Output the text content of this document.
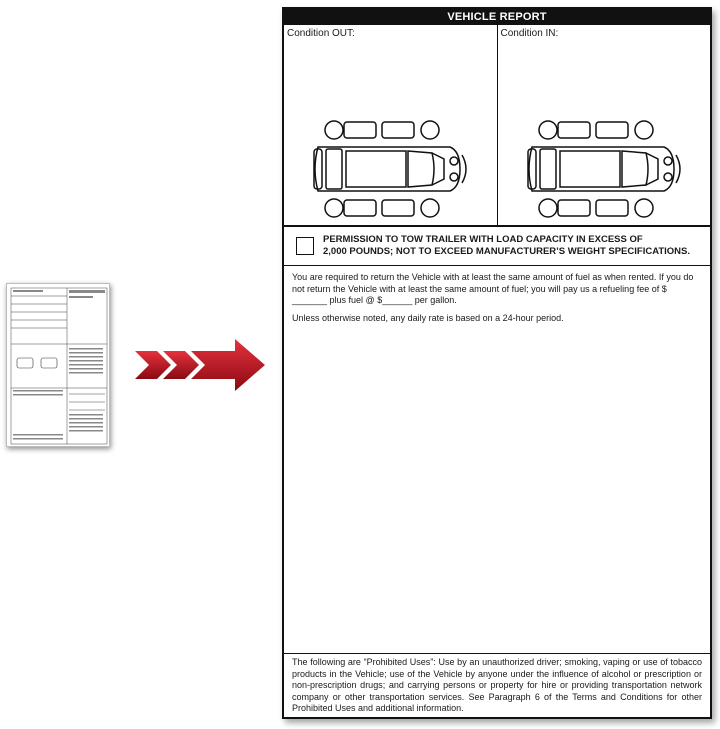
VEHICLE REPORT
Condition OUT:	Condition IN:
PERMISSION TO TOW TRAILER WITH LOAD CAPACITY IN EXCESS OF
2,000 POUNDS; NOT TO EXCEED MANUFACTURER’S WEIGHT SPECIFICATIONS.

You are required to return the Vehicle with at least the same amount of fuel as when rented. If you do not return the Vehicle with at least the same amount of fuel; you will pay us a refueling fee of $ _______ plus fuel @ $______ per gallon.

Unless otherwise noted, any daily rate is based on a 24-hour period.

The following are “Prohibited Uses”: Use by an unauthorized driver; smoking, vaping or use of tobacco products in the Vehicle; use of the Vehicle by anyone under the influence of alcohol or prescription or non-prescription drugs; and carrying persons or property for hire or providing transportation network company or other transportation services. See Paragraph 6 of the Terms and Conditions for other Prohibited Uses and additional information.
